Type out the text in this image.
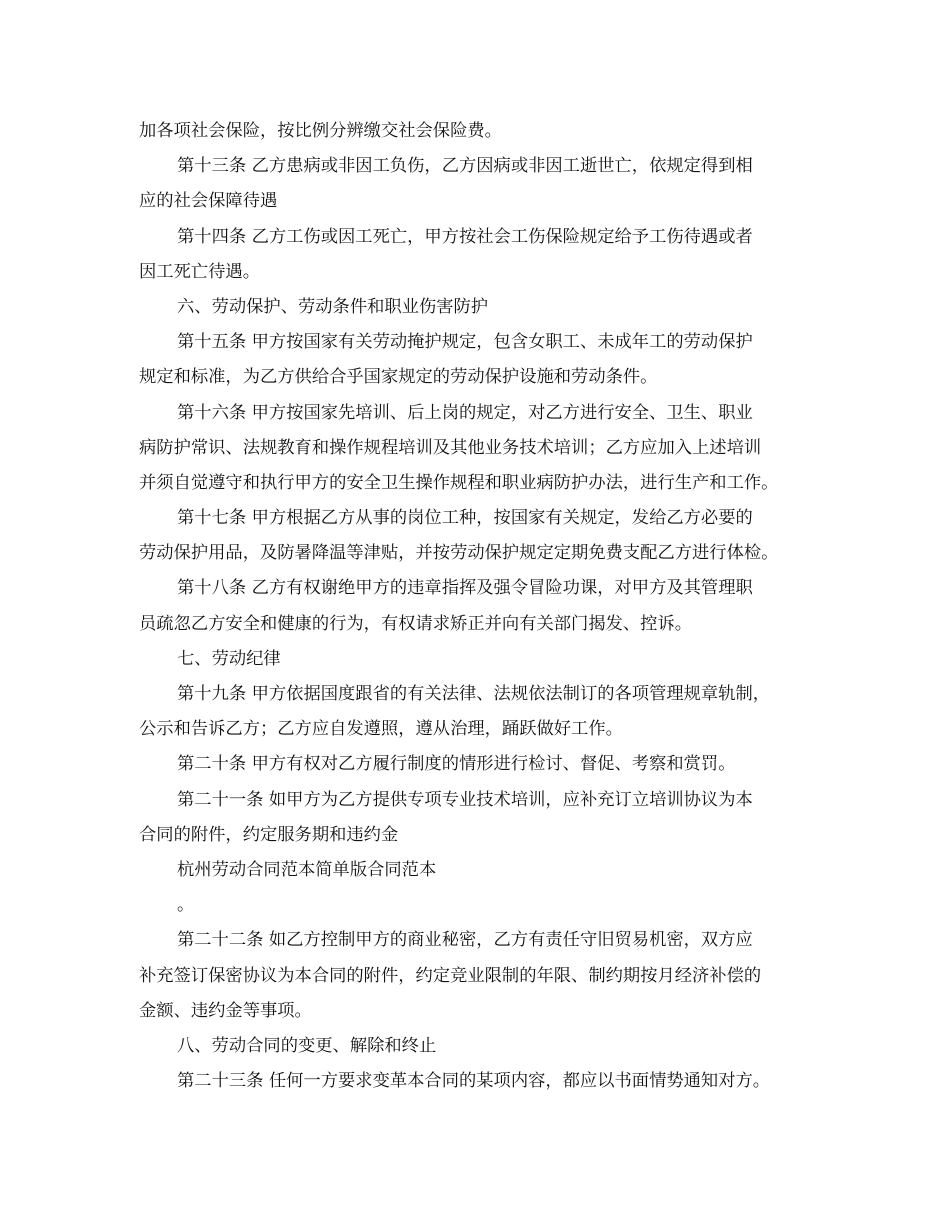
加各项社会保险，按比例分辨缴交社会保险费。
第十三条 乙方患病或非因工负伤，乙方因病或非因工逝世亡，依规定得到相
应的社会保障待遇
第十四条 乙方工伤或因工死亡，甲方按社会工伤保险规定给予工伤待遇或者
因工死亡待遇。
六、劳动保护、劳动条件和职业伤害防护
第十五条 甲方按国家有关劳动掩护规定，包含女职工、未成年工的劳动保护
规定和标准，为乙方供给合乎国家规定的劳动保护设施和劳动条件。
第十六条 甲方按国家先培训、后上岗的规定，对乙方进行安全、卫生、职业
病防护常识、法规教育和操作规程培训及其他业务技术培训；乙方应加入上述培训
并须自觉遵守和执行甲方的安全卫生操作规程和职业病防护办法，进行生产和工作。
第十七条 甲方根据乙方从事的岗位工种，按国家有关规定，发给乙方必要的
劳动保护用品，及防暑降温等津贴，并按劳动保护规定定期免费支配乙方进行体检。
第十八条 乙方有权谢绝甲方的违章指挥及强令冒险功课，对甲方及其管理职
员疏忽乙方安全和健康的行为，有权请求矫正并向有关部门揭发、控诉。
七、劳动纪律
第十九条 甲方依据国度跟省的有关法律、法规依法制订的各项管理规章轨制，
公示和告诉乙方；乙方应自发遵照，遵从治理，踊跃做好工作。
第二十条 甲方有权对乙方履行制度的情形进行检讨、督促、考察和赏罚。
第二十一条 如甲方为乙方提供专项专业技术培训，应补充订立培训协议为本
合同的附件，约定服务期和违约金
杭州劳动合同范本简单版合同范本
。
第二十二条 如乙方控制甲方的商业秘密，乙方有责任守旧贸易机密，双方应
补充签订保密协议为本合同的附件，约定竞业限制的年限、制约期按月经济补偿的
金额、违约金等事项。
八、劳动合同的变更、解除和终止
第二十三条 任何一方要求变革本合同的某项内容，都应以书面情势通知对方。
